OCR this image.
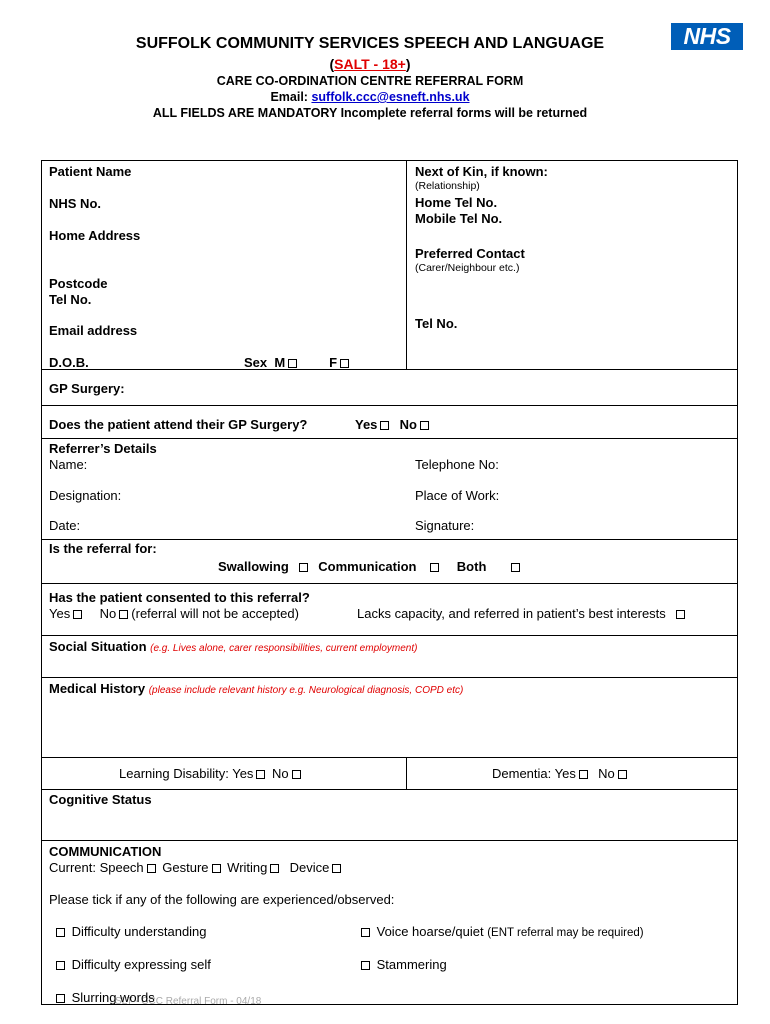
SUFFOLK COMMUNITY SERVICES SPEECH AND LANGUAGE
(SALT - 18+)
CARE CO-ORDINATION CENTRE REFERRAL FORM
Email: suffolk.ccc@esneft.nhs.uk
ALL FIELDS ARE MANDATORY Incomplete referral forms will be returned
NHS
Patient Name
NHS No.
Home Address
Postcode
Tel No.
Email address
D.O.B.	Sex M	F
Next of Kin, if known:
(Relationship)
Home Tel No.
Mobile Tel No.
Preferred Contact
(Carer/Neighbour etc.)
Tel No.
GP Surgery:
Does the patient attend their GP Surgery?	Yes No
Referrer’s Details
Name:	Telephone No:
Designation:	Place of Work:
Date:	Signature:
Is the referral for:
Swallowing Communication	Both
Has the patient consented to this referral?
Yes No (referral will not be accepted)	Lacks capacity, and referred in patient’s best interests
Social Situation (e.g. Lives alone, carer responsibilities, current employment)
Medical History (please include relevant history e.g. Neurological diagnosis, COPD etc)
Learning Disability: Yes No	Dementia: Yes No
Cognitive Status
COMMUNICATION
Current: Speech Gesture Writing Device
Please tick if any of the following are experienced/observed:
Difficulty understanding	Voice hoarse/quiet (ENT referral may be required)
Difficulty expressing self	Stammering
SLT - CCC Referral Form - 04/18
Slurring words
